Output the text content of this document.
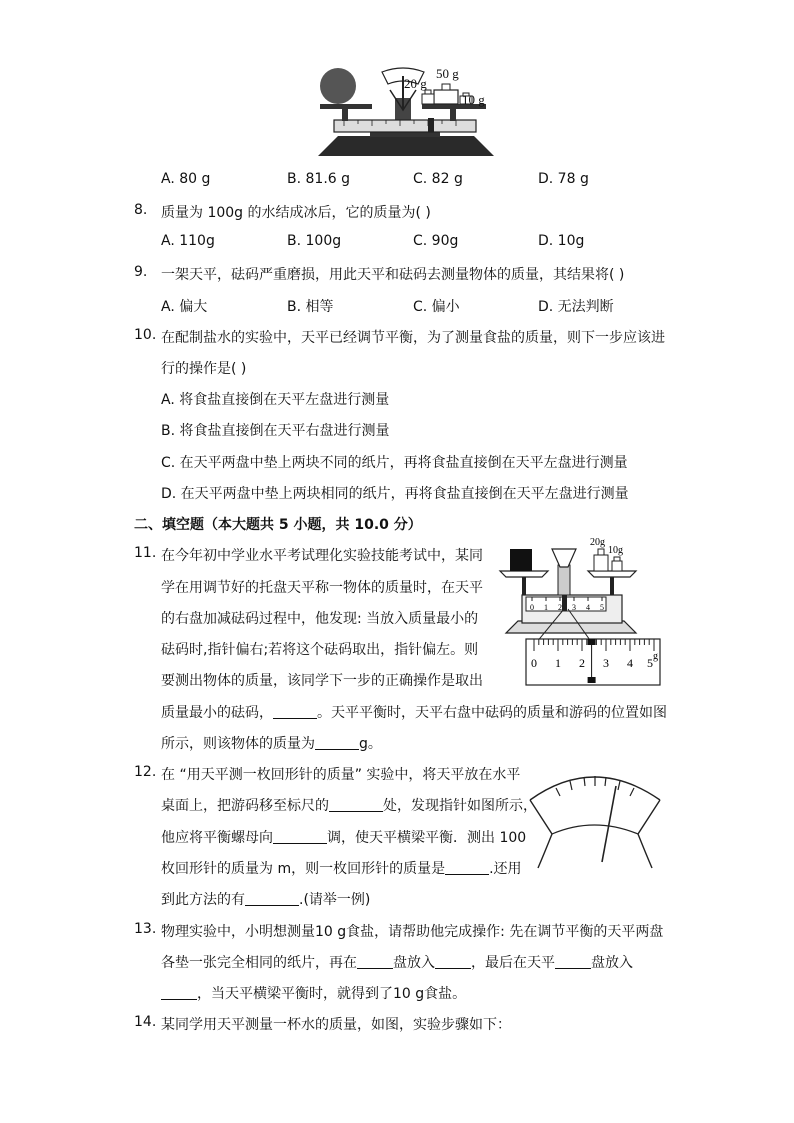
20 g
50 g
10 g
A. 80 g	B. 81.6 g	C. 82 g	D. 78 g
8. 质量为 100g 的水结成冰后，它的质量为( )
A. 110g	B. 100g	C. 90g	D. 10g
9. 一架天平，砝码严重磨损，用此天平和砝码去测量物体的质量，其结果将( )
A. 偏大	B. 相等	C. 偏小	D. 无法判断
10. 在配制盐水的实验中，天平已经调节平衡，为了测量食盐的质量，则下一步应该进
行的操作是( )
A. 将食盐直接倒在天平左盘进行测量
B. 将食盐直接倒在天平右盘进行测量
C. 在天平两盘中垫上两块不同的纸片，再将食盐直接倒在天平左盘进行测量
D. 在天平两盘中垫上两块相同的纸片，再将食盐直接倒在天平左盘进行测量
二、填空题（本大题共 5 小题，共 10.0 分）
11. 在今年初中学业水平考试理化实验技能考试中，某同
学在用调节好的托盘天平称一物体的质量时，在天平
的右盘加减砝码过程中，他发现: 当放入质量最小的
砝码时,指针偏右;若将这个砝码取出，指针偏左。则
要测出物体的质量，该同学下一步的正确操作是取出
质量最小的砝码，	。天平平衡时，天平右盘中砝码的质量和游码的位置如图
所示，则该物体的质量为	g。
0 1 2 3 4 5
20g
10g
0 1 2 3 4 5 g
12. 在 “用天平测一枚回形针的质量” 实验中，将天平放在水平
桌面上，把游码移至标尺的	处，发现指针如图所示，
他应将平衡螺母向	调，使天平横梁平衡．测出 100
枚回形针的质量为 m，则一枚回形针的质量是	.还用
到此方法的有	.(请举一例)
13. 物理实验中，小明想测量10 g食盐，请帮助他完成操作: 先在调节平衡的天平两盘
各垫一张完全相同的纸片，再在	盘放入	，最后在天平	盘放入
，当天平横梁平衡时，就得到了10 g食盐。
14. 某同学用天平测量一杯水的质量，如图，实验步骤如下：
